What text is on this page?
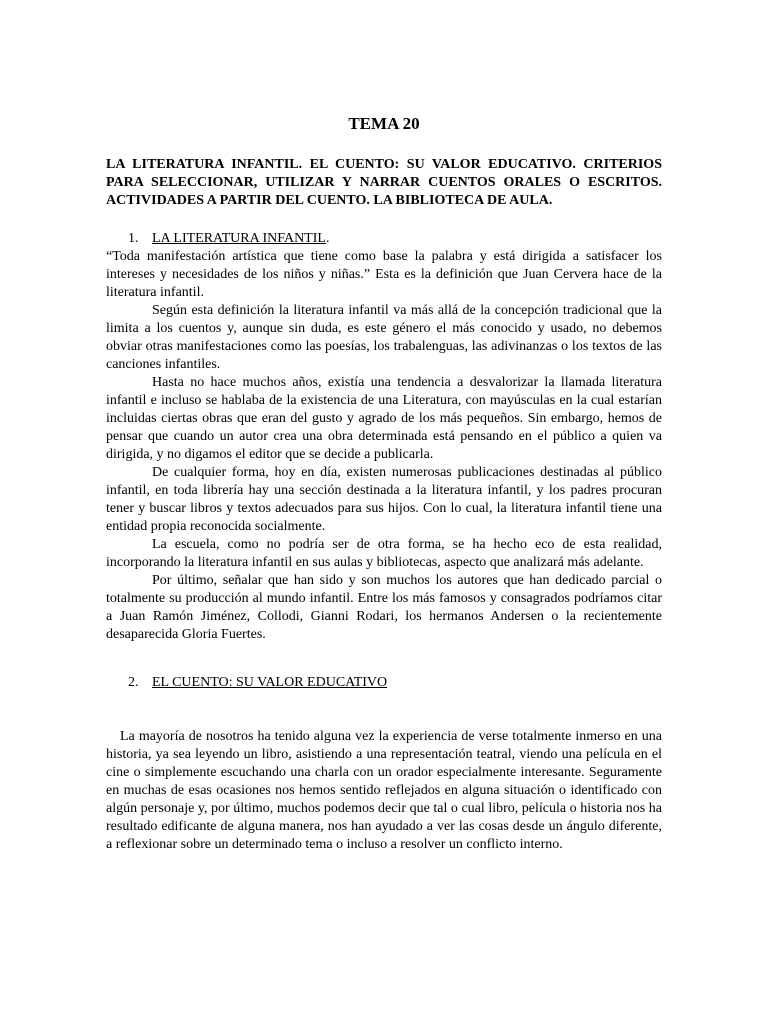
TEMA 20
LA LITERATURA INFANTIL. EL CUENTO: SU VALOR EDUCATIVO. CRITERIOS PARA SELECCIONAR, UTILIZAR Y NARRAR CUENTOS ORALES O ESCRITOS. ACTIVIDADES A PARTIR DEL CUENTO. LA BIBLIOTECA DE AULA.
1. LA LITERATURA INFANTIL.

“Toda manifestación artística que tiene como base la palabra y está dirigida a satisfacer los intereses y necesidades de los niños y niñas.” Esta es la definición que Juan Cervera hace de la literatura infantil.

Según esta definición la literatura infantil va más allá de la concepción tradicional que la limita a los cuentos y, aunque sin duda, es este género el más conocido y usado, no debemos obviar otras manifestaciones como las poesías, los trabalenguas, las adivinanzas o los textos de las canciones infantiles.

Hasta no hace muchos años, existía una tendencia a desvalorizar la llamada literatura infantil e incluso se hablaba de la existencia de una Literatura, con mayúsculas en la cual estarían incluidas ciertas obras que eran del gusto y agrado de los más pequeños. Sin embargo, hemos de pensar que cuando un autor crea una obra determinada está pensando en el público a quien va dirigida, y no digamos el editor que se decide a publicarla.

De cualquier forma, hoy en día, existen numerosas publicaciones destinadas al público infantil, en toda librería hay una sección destinada a la literatura infantil, y los padres procuran tener y buscar libros y textos adecuados para sus hijos. Con lo cual, la literatura infantil tiene una entidad propia reconocida socialmente.

La escuela, como no podría ser de otra forma, se ha hecho eco de esta realidad, incorporando la literatura infantil en sus aulas y bibliotecas, aspecto que analizará más adelante.

Por último, señalar que han sido y son muchos los autores que han dedicado parcial o totalmente su producción al mundo infantil. Entre los más famosos y consagrados podríamos citar a Juan Ramón Jiménez, Collodi, Gianni Rodari, los hermanos Andersen o la recientemente desaparecida Gloria Fuertes.

2. EL CUENTO: SU VALOR EDUCATIVO

La mayoría de nosotros ha tenido alguna vez la experiencia de verse totalmente inmerso en una historia, ya sea leyendo un libro, asistiendo a una representación teatral, viendo una película en el cine o simplemente escuchando una charla con un orador especialmente interesante. Seguramente en muchas de esas ocasiones nos hemos sentido reflejados en alguna situación o identificado con algún personaje y, por último, muchos podemos decir que tal o cual libro, película o historia nos ha resultado edificante de alguna manera, nos han ayudado a ver las cosas desde un ángulo diferente, a reflexionar sobre un determinado tema o incluso a resolver un conflicto interno.
